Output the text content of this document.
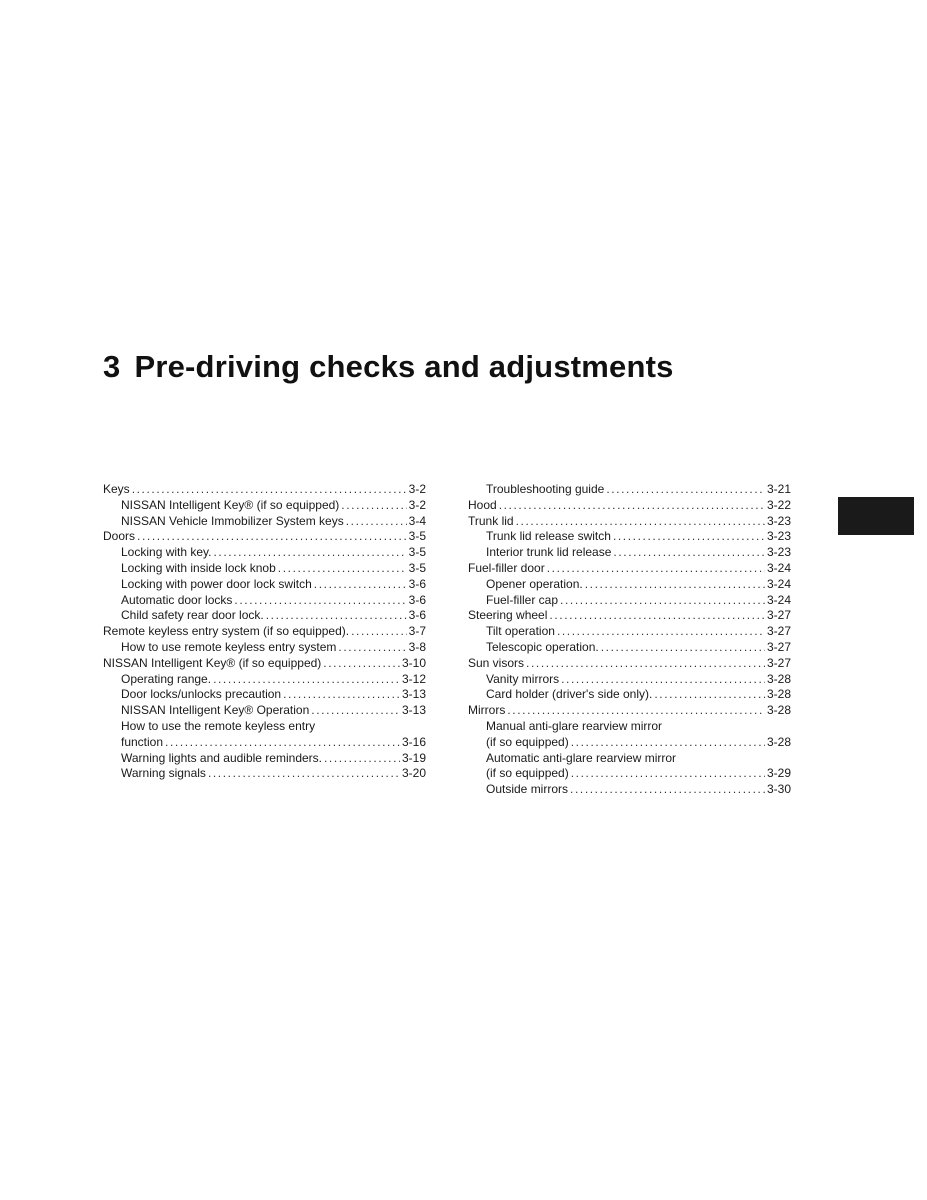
3 Pre-driving checks and adjustments
Keys .....	3-2
NISSAN Intelligent Key® (if so equipped) .....	3-2
NISSAN Vehicle Immobilizer System keys .....	3-4
Doors .....	3-5
Locking with key. .....	3-5
Locking with inside lock knob .....	3-5
Locking with power door lock switch .....	3-6
Automatic door locks .....	3-6
Child safety rear door lock. .....	3-6
Remote keyless entry system (if so equipped). .....	3-7
How to use remote keyless entry system .....	3-8
NISSAN Intelligent Key® (if so equipped) .....	3-10
Operating range. .....	3-12
Door locks/unlocks precaution .....	3-13
NISSAN Intelligent Key® Operation .....	3-13
How to use the remote keyless entry
function .....	3-16
Warning lights and audible reminders. .....	3-19
Warning signals .....	3-20
Troubleshooting guide .....	3-21
Hood .....	3-22
Trunk lid .....	3-23
Trunk lid release switch .....	3-23
Interior trunk lid release .....	3-23
Fuel-filler door .....	3-24
Opener operation. .....	3-24
Fuel-filler cap .....	3-24
Steering wheel .....	3-27
Tilt operation .....	3-27
Telescopic operation. .....	3-27
Sun visors .....	3-27
Vanity mirrors .....	3-28
Card holder (driver's side only). .....	3-28
Mirrors .....	3-28
Manual anti-glare rearview mirror
(if so equipped) .....	3-28
Automatic anti-glare rearview mirror
(if so equipped) .....	3-29
Outside mirrors .....	3-30
